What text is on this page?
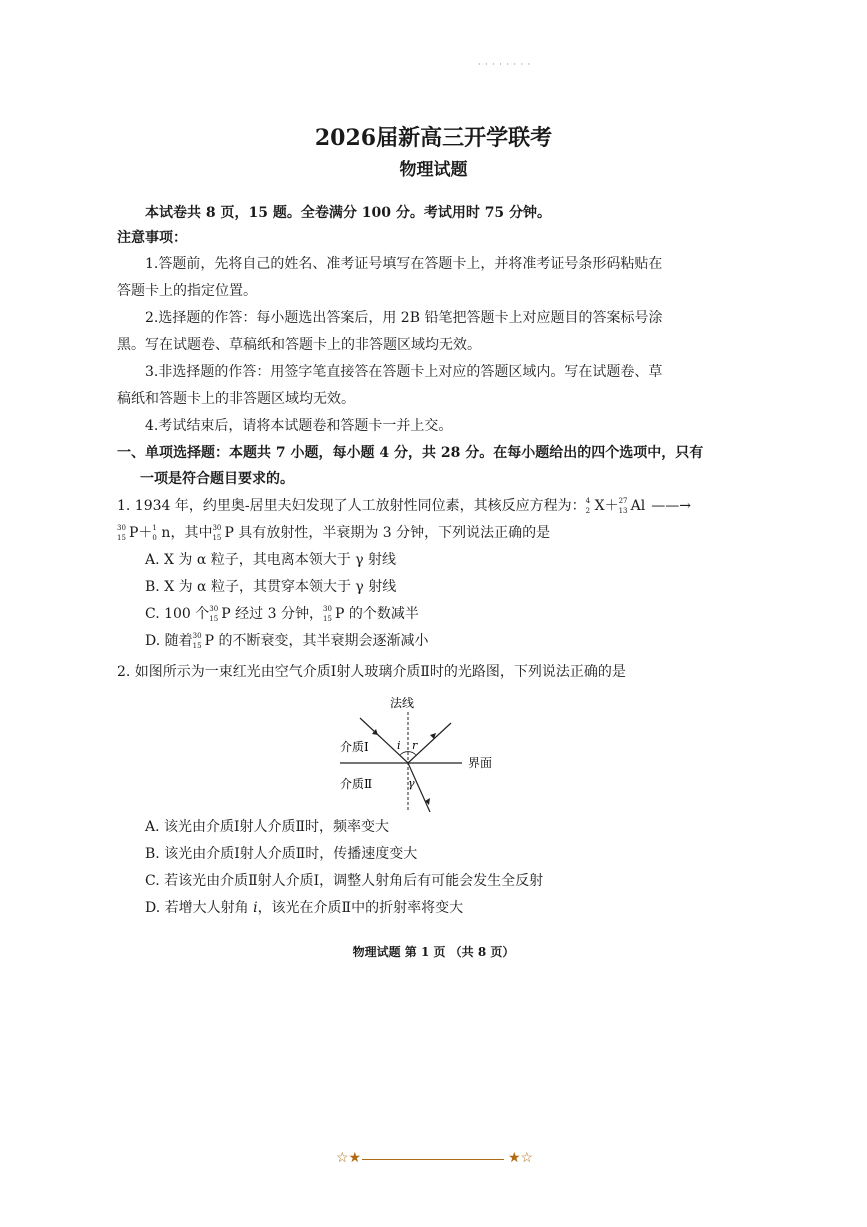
· · · · · · · ·
2026届新高三开学联考
物理试题
本试卷共 8 页，15 题。全卷满分 100 分。考试用时 75 分钟。
注意事项：
1.答题前，先将自己的姓名、准考证号填写在答题卡上，并将准考证号条形码粘贴在
答题卡上的指定位置。
2.选择题的作答：每小题选出答案后，用 2B 铅笔把答题卡上对应题目的答案标号涂
黑。写在试题卷、草稿纸和答题卡上的非答题区域均无效。
3.非选择题的作答：用签字笔直接答在答题卡上对应的答题区域内。写在试题卷、草
稿纸和答题卡上的非答题区域均无效。
4.考试结束后，请将本试题卷和答题卡一并上交。
一、单项选择题：本题共 7 小题，每小题 4 分，共 28 分。在每小题给出的四个选项中，只有
一项是符合题目要求的。
1. 1934 年，约里奥-居里夫妇发现了人工放射性同位素，其核反应方程为： 4
2 X＋ 27
13 Al ——→
30
15 P＋ 1
0 n，其中 30
15 P 具有放射性，半衰期为 3 分钟，下列说法正确的是
A. X 为 α 粒子，其电离本领大于 γ 射线
B. X 为 α 粒子，其贯穿本领大于 γ 射线
C. 100 个 30
15 P 经过 3 分钟， 30
15 P 的个数减半
D. 随着 30
15 P 的不断衰变，其半衰期会逐渐减小
2. 如图所示为一束红光由空气介质Ⅰ射人玻璃介质Ⅱ时的光路图，下列说法正确的是
法线
介质Ⅰ
介质Ⅱ
界面
i r
γ
A. 该光由介质Ⅰ射人介质Ⅱ时，频率变大
B. 该光由介质Ⅰ射人介质Ⅱ时，传播速度变大
C. 若该光由介质Ⅱ射人介质Ⅰ，调整人射角后有可能会发生全反射
D. 若增大人射角 i，该光在介质Ⅱ中的折射率将变大
物理试题 第 1 页 （共 8 页）
☆★	★☆
